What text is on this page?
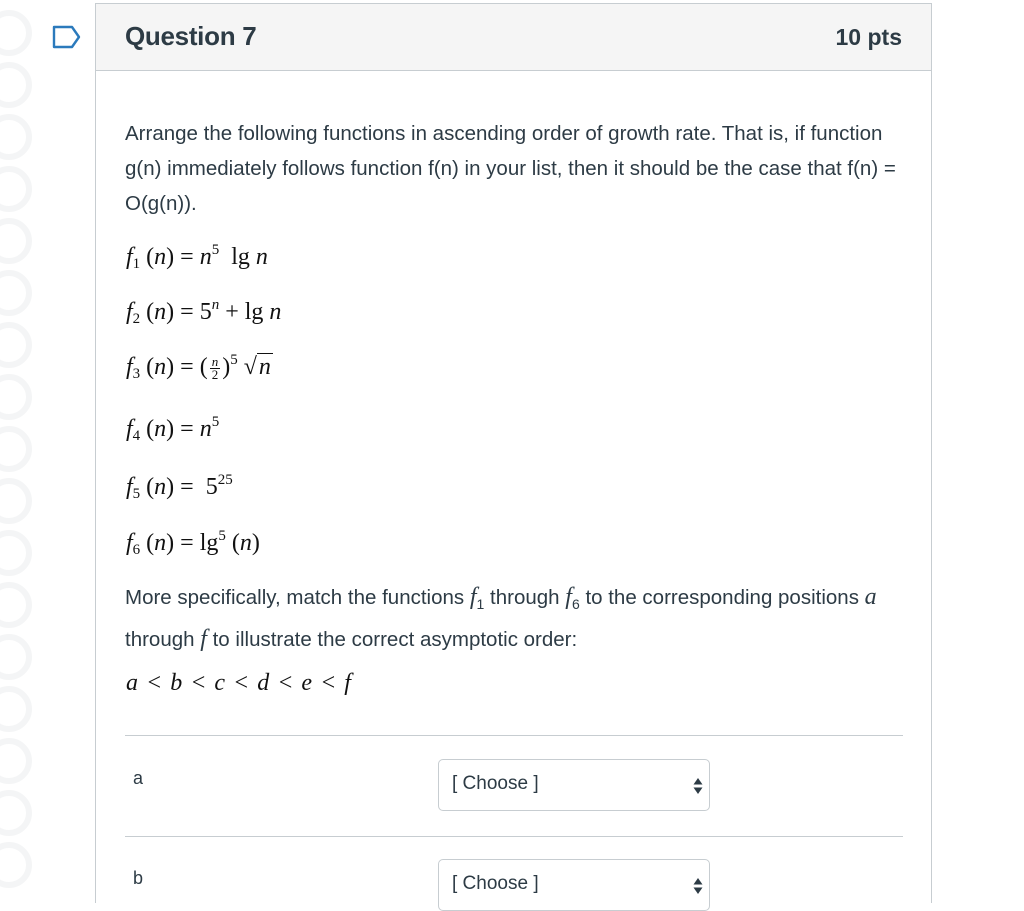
Question 7	10 pts
Arrange the following functions in ascending order of growth rate. That is, if function g(n) immediately follows function f(n) in your list, then it should be the case that f(n) = O(g(n)).
$f_1$ $(n) = n^5$  lg n
$f_2$ $(n) = 5^n + \lg n$
$f_3$ (n) = ( $\frac{n}{2} )^5$ √n
$f_4$ $(n) = n^5$
$f_5$ $(n) = 5^{25}$
$f_6$ $(n) = \lg^5 (n)$
More specifically, match the functions $f_1$ through $f_6$ to the corresponding positions a through f to illustrate the correct asymptotic order:
a < b < c < d < e < f
a	[ Choose ]
b	[ Choose ]
